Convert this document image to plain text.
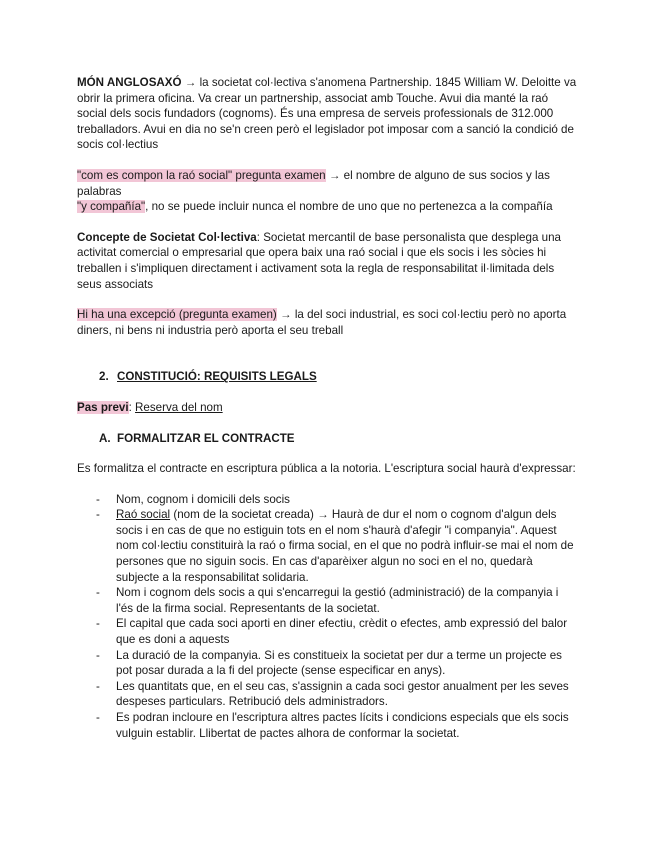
MÓN ANGLOSAXÓ → la societat col·lectiva s'anomena Partnership. 1845 William W. Deloitte va obrir la primera oficina. Va crear un partnership, associat amb Touche. Avui dia manté la raó social dels socis fundadors (cognoms). És una empresa de serveis professionals de 312.000 treballadors. Avui en dia no se'n creen però el legislador pot imposar com a sanció la condició de socis col·lectius

"com es compon la raó social" pregunta examen → el nombre de alguno de sus socios y las palabras
"y compañía", no se puede incluir nunca el nombre de uno que no pertenezca a la compañía

Concepte de Societat Col·lectiva: Societat mercantil de base personalista que desplega una activitat comercial o empresarial que opera baix una raó social i que els socis i les sòcies hi treballen i s'impliquen directament i activament sota la regla de responsabilitat il·limitada dels seus associats

Hi ha una excepció (pregunta examen) → la del soci industrial, es soci col·lectiu però no aporta diners, ni bens ni industria però aporta el seu treball

2. CONSTITUCIÓ: REQUISITS LEGALS

Pas previ: Reserva del nom

A. FORMALITZAR EL CONTRACTE

Es formalitza el contracte en escriptura pública a la notoria. L'escriptura social haurà d'expressar:

- Nom, cognom i domicili dels socis
- Raó social (nom de la societat creada) → Haurà de dur el nom o cognom d'algun dels socis i en cas de que no estiguin tots en el nom s'haurà d'afegir "i companyia". Aquest nom col·lectiu constituirà la raó o firma social, en el que no podrà influir-se mai el nom de persones que no siguin socis. En cas d'aparèixer algun no soci en el no, quedarà subjecte a la responsabilitat solidaria.
- Nom i cognom dels socis a qui s'encarregui la gestió (administració) de la companyia i l'és de la firma social. Representants de la societat.
- El capital que cada soci aporti en diner efectiu, crèdit o efectes, amb expressió del balor que es doni a aquests
- La duració de la companyia. Si es constitueix la societat per dur a terme un projecte es pot posar durada a la fi del projecte (sense especificar en anys).
- Les quantitats que, en el seu cas, s'assignin a cada soci gestor anualment per les seves despeses particulars. Retribució dels administradors.
- Es podran incloure en l'escriptura altres pactes lícits i condicions especials que els socis vulguin establir. Llibertat de pactes alhora de conformar la societat.
